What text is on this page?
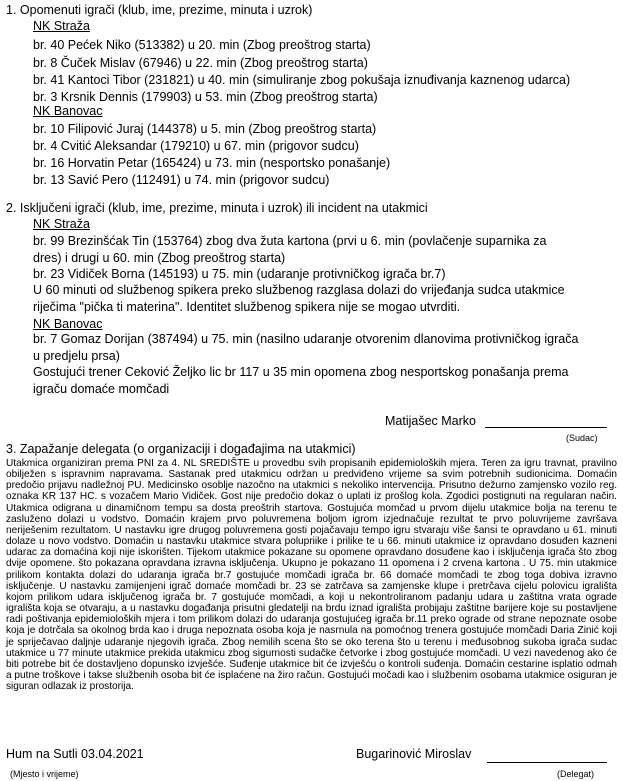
1. Opomenuti igrači (klub, ime, prezime, minuta i uzrok)
NK Straža
br. 40 Pećek Niko (513382) u 20. min (Zbog preoštrog starta)
br. 8 Čuček Mislav (67946) u 22. min (Zbog preoštrog starta)
br. 41 Kantoci Tibor (231821) u 40. min (simuliranje zbog pokušaja iznuđivanja kaznenog udarca)
br. 3 Krsnik Dennis (179903) u 53. min (Zbog preoštrog starta)
NK Banovac
br. 10 Filipović Juraj (144378) u 5. min (Zbog preoštrog starta)
br. 4 Cvitić Aleksandar (179210) u 67. min (prigovor sudcu)
br. 16 Horvatin Petar (165424) u 73. min (nesportsko ponašanje)
br. 13 Savić Pero (112491) u 74. min (prigovor sudcu)
2. Isključeni igrači (klub, ime, prezime, minuta i uzrok) ili incident na utakmici
NK Straža
br. 99 Brezinšćak Tin (153764) zbog dva žuta kartona (prvi u 6. min (povlačenje suparnika za dres) i drugi u 60. min (Zbog preoštrog starta)
br. 23 Vidiček Borna (145193) u 75. min (udaranje protivničkog igrača br.7)
U 60 minuti od službenog spikera preko službenog razglasa dolazi do vrijeđanja sudca utakmice riječima "pička ti materina". Identitet službenog spikera nije se mogao utvrditi.
NK Banovac
br. 7 Gomaz Dorijan (387494) u 75. min (nasilno udaranje otvorenim dlanovima protivničkog igrača u predjelu prsa)
Gostujući trener Ceković Željko lic br 117 u 35 min opomena zbog nesportskog ponašanja prema igraču domaće momčadi
Matijašec Marko
(Sudac)
3. Zapažanje delegata (o organizaciji i događajima na utakmici)
Utakmica organiziran prema PNI za 4. NL SREDIŠTE u provedbu svih propisanih epidemioloških mjera. Teren za igru travnat, pravilno obilježen s ispravnim napravama. Sastanak pred utakmicu održan u predviđeno vrijeme sa svim potrebnih sudionicima. Domaćin predočio prijavu nadležnoj PU. Medicinsko osoblje nazočno na utakmici s nekoliko intervencija. Prisutno dežurno zamjensko vozilo reg. oznaka KR 137 HC. s vozačem Mario Vidiček. Gost nije predočio dokaz o uplati iz prošlog kola. Zgodici postignuti na regularan način. Utakmica odigrana u dinamičnom tempu sa dosta preoštrih startova. Gostujuća momčad u prvom dijelu utakmice bolja na terenu te zasluženo dolazi u vodstvo. Domaćin krajem prvo poluvremena boljom igrom izjednačuje rezultat te prvo poluvrijeme završava neriješenim rezultatom. U nastavku igre drugog poluvremena gosti pojačavaju tempo igru stvaraju više šansi te opravdano u 61. minuti dolaze u novo vodstvo. Domaćin u nastavku utakmice stvara polupriike i prilike te u 66. minuti utakmice iz opravdano dosuđen kazneni udarac za domaćina koji nije iskorišten. Tijekom utakmice pokazane su opomene opravdano dosuđene kao i isključenja igrača što zbog dvije opomene. što pokazana opravdana izravna isključenja. Ukupno je pokazano 11 opomena i 2 crvena kartona . U 75. min utakmice prilikom kontakta dolazi do udaranja igrača br.7 gostujuće momčadi igrača br. 66 domaće momčadi te zbog toga dobiva izravno isključenje. U nastavku zamijenjeni igrač domaće momčadi br. 23 se zatrčava sa zamjenske klupe i pretrčava cijelu polovicu igrališta kojom prilikom udara isključenog igrača br. 7 gostujuće momčadi, a koji u nekontroliranom padanju udara u zaštitna vrata ograde igrališta koja se otvaraju, a u nastavku događanja prisutni gledatelji na brdu iznad igrališta probijaju zaštitne barijere koje su postavljene radi poštivanja epidemioloških mjera i tom prilikom dolazi do udaranja gostujućeg igrača br.11 preko ograde od strane nepoznate osobe koja je dotrčala sa okolnog brda kao i druga nepoznata osoba koja je nasrnula na pomoćnog trenera gostujuće momčadi Daria Zinić koji je spriječavao daljnje udaranje njegovih igrača. Zbog nemilih scena što se oko terena što u terenu i međusobnog sukoba igrača sudac utakmice u 77 minute utakmice prekida utakmicu zbog sigurnosti sudačke četvorke i zbog gostujuće momčadi. U vezi navedenog ako će biti potrebe bit će dostavljeno dopunsko izvješće. Suđenje utakmice bit će izvješću o kontroli suđenja. Domaćin cestarine isplatio odmah a putne troškove i takse službenih osoba bit će isplaćene na žiro račun. Gostujući močadi kao i službenim osobama utakmice osiguran je siguran odlazak iz prostorija.
Hum na Sutli 03.04.2021
(Mjesto i vrijeme)
Bugarinović Miroslav
(Delegat)
